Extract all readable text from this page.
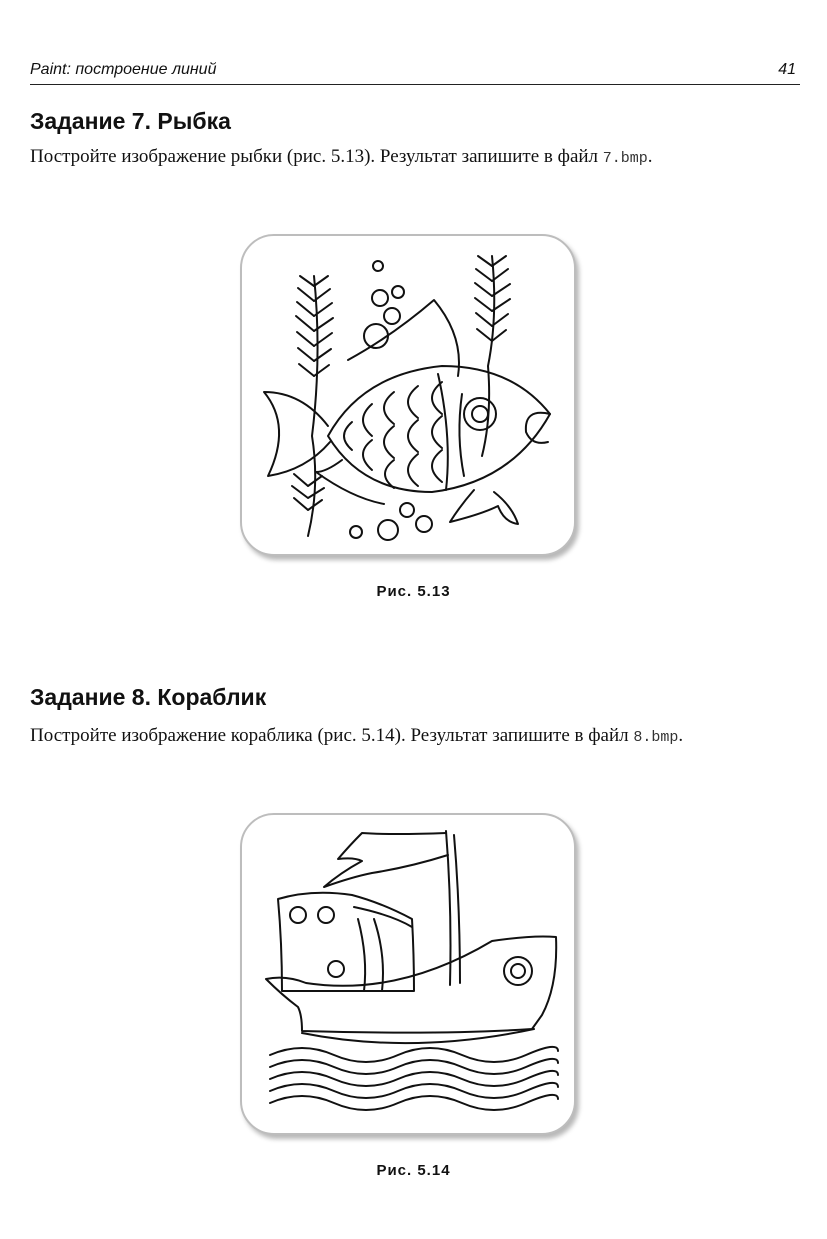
Paint: построение линий	41
Задание 7. Рыбка

Постройте изображение рыбки (рис. 5.13). Результат запишите в файл 7.bmp.

Рис. 5.13
Задание 8. Кораблик

Постройте изображение кораблика (рис. 5.14). Результат запишите в файл 8.bmp.

Рис. 5.14
